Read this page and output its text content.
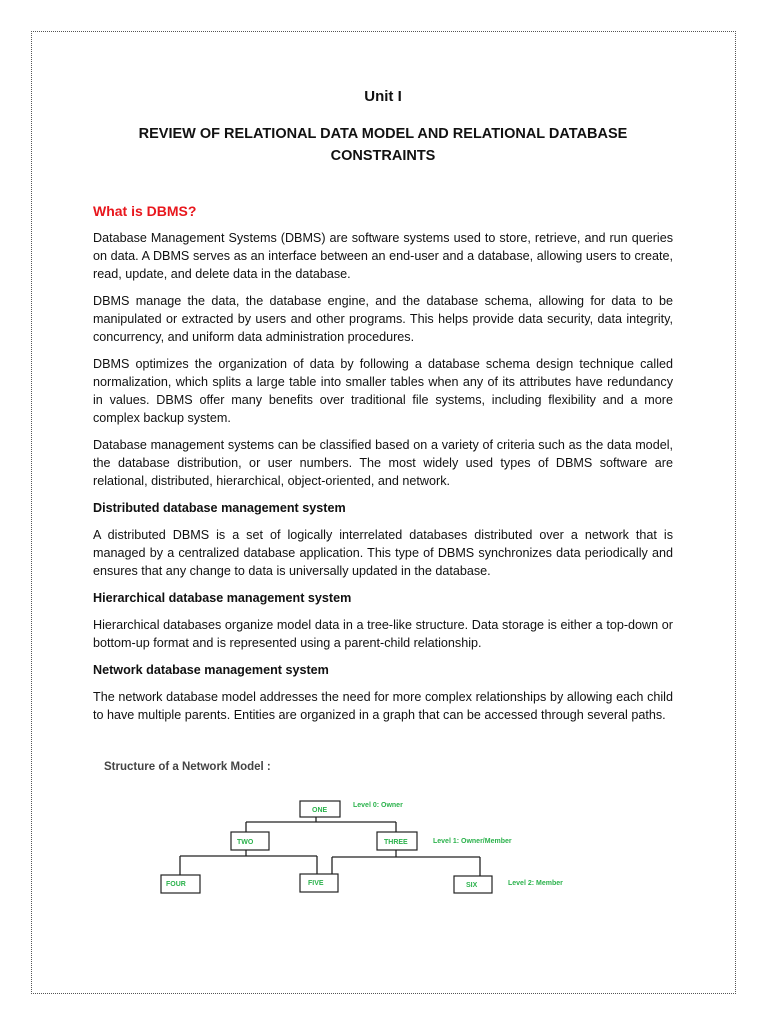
Unit I
REVIEW OF RELATIONAL DATA MODEL AND RELATIONAL DATABASE
CONSTRAINTS
What is DBMS?

Database Management Systems (DBMS) are software systems used to store, retrieve, and run queries on data. A DBMS serves as an interface between an end-user and a database, allowing users to create, read, update, and delete data in the database.

DBMS manage the data, the database engine, and the database schema, allowing for data to be manipulated or extracted by users and other programs. This helps provide data security, data integrity, concurrency, and uniform data administration procedures.

DBMS optimizes the organization of data by following a database schema design technique called normalization, which splits a large table into smaller tables when any of its attributes have redundancy in values. DBMS offer many benefits over traditional file systems, including flexibility and a more complex backup system.

Database management systems can be classified based on a variety of criteria such as the data model, the database distribution, or user numbers. The most widely used types of DBMS software are relational, distributed, hierarchical, object-oriented, and network.

Distributed database management system

A distributed DBMS is a set of logically interrelated databases distributed over a network that is managed by a centralized database application. This type of DBMS synchronizes data periodically and ensures that any change to data is universally updated in the database.

Hierarchical database management system

Hierarchical databases organize model data in a tree-like structure. Data storage is either a top-down or bottom-up format and is represented using a parent-child relationship.

Network database management system

The network database model addresses the need for more complex relationships by allowing each child to have multiple parents. Entities are organized in a graph that can be accessed through several paths.

Structure of a Network Model :
ONE
TWO	THREE
FOUR	FIVE	SIX
Level 0: Owner
Level 1: Owner/Member
Level 2: Member
